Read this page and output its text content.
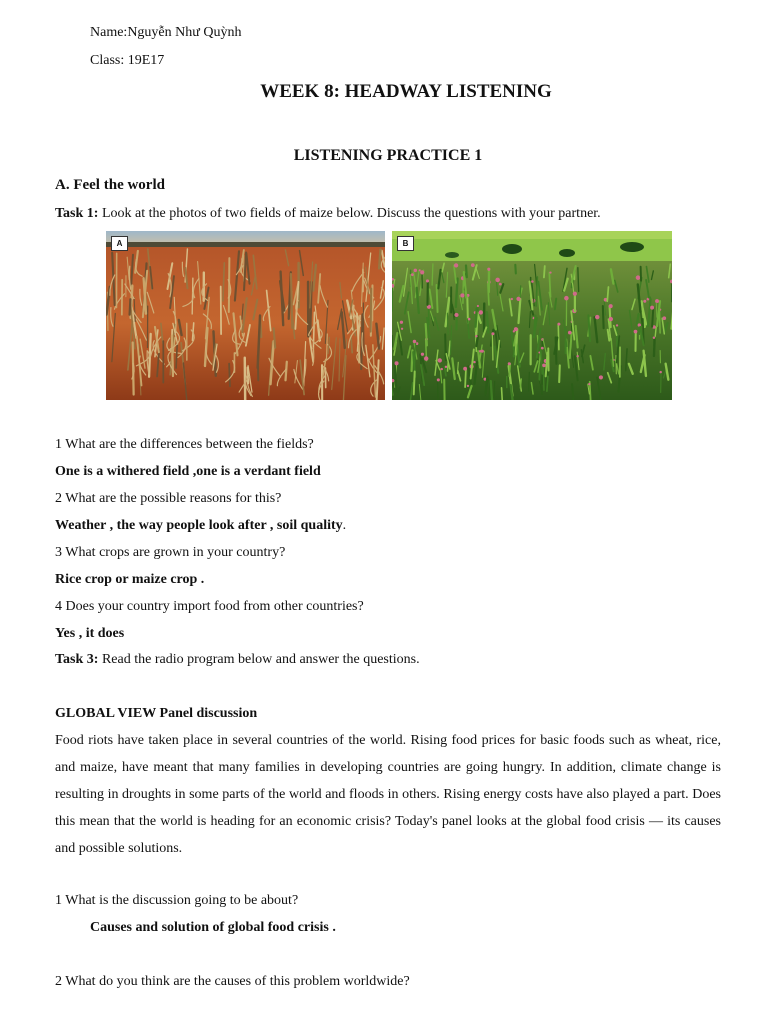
Name:Nguyễn Như Quỳnh
Class: 19E17
WEEK 8: HEADWAY LISTENING
LISTENING PRACTICE 1
A. Feel the world
Task 1: Look at the photos of two fields of maize below. Discuss the questions with your partner.
A	B
1 What are the differences between the fields?
One is a withered field ,one is a verdant field
2 What are the possible reasons for this?
Weather , the way people look after , soil quality.
3 What crops are grown in your country?
Rice crop or maize crop .
4 Does your country import food from other countries?
Yes , it does
Task 3: Read the radio program below and answer the questions.
GLOBAL VIEW Panel discussion
Food riots have taken place in several countries of the world. Rising food prices for basic foods such as wheat, rice, and maize, have meant that many families in developing countries are going hungry. In addition, climate change is resulting in droughts in some parts of the world and floods in others. Rising energy costs have also played a part. Does this mean that the world is heading for an economic crisis? Today's panel looks at the global food crisis — its causes and possible solutions.
1 What is the discussion going to be about?
Causes and solution of global food crisis .
2 What do you think are the causes of this problem worldwide?
